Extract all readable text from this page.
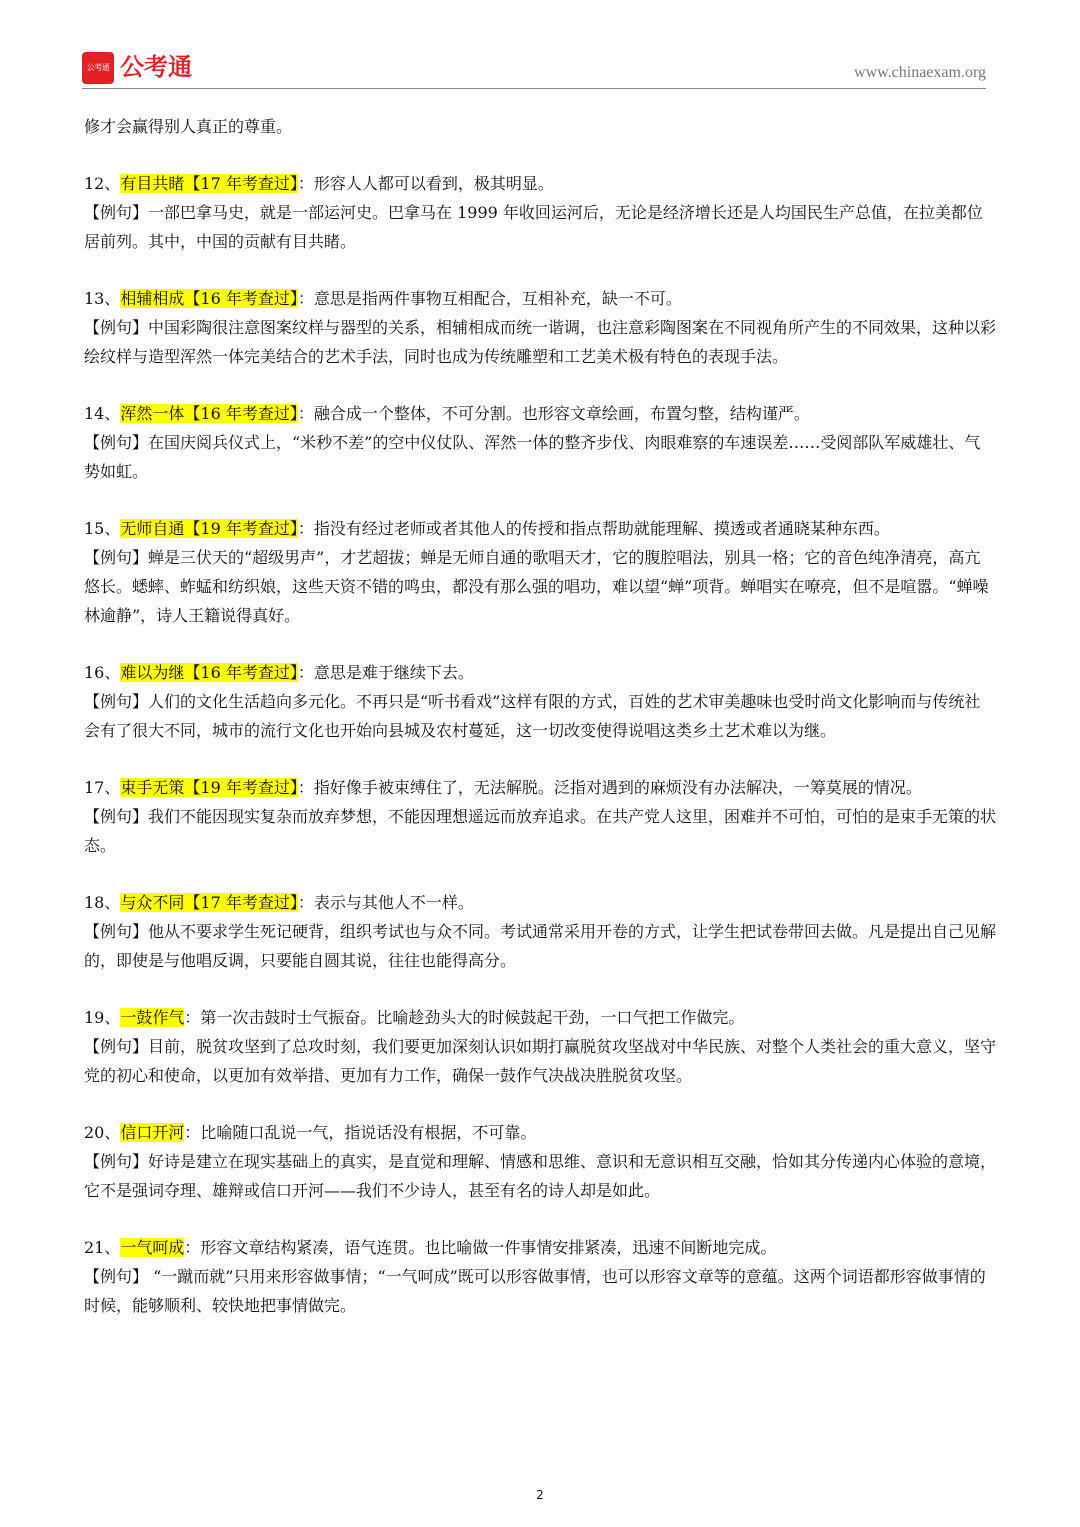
公考通 公考通	www.chinaexam.org

修才会赢得别人真正的尊重。

12、有目共睹【17 年考查过】：形容人人都可以看到，极其明显。

【例句】一部巴拿马史，就是一部运河史。巴拿马在 1999 年收回运河后，无论是经济增长还是人均国民生产总值，在拉美都位居前列。其中，中国的贡献有目共睹。

13、相辅相成【16 年考查过】：意思是指两件事物互相配合，互相补充，缺一不可。

【例句】中国彩陶很注意图案纹样与器型的关系，相辅相成而统一谐调，也注意彩陶图案在不同视角所产生的不同效果，这种以彩绘纹样与造型浑然一体完美结合的艺术手法，同时也成为传统雕塑和工艺美术极有特色的表现手法。

14、浑然一体【16 年考查过】：融合成一个整体，不可分割。也形容文章绘画，布置匀整，结构谨严。

【例句】在国庆阅兵仪式上，“米秒不差”的空中仪仗队、浑然一体的整齐步伐、肉眼难察的车速误差……受阅部队军威雄壮、气势如虹。

15、无师自通【19 年考查过】：指没有经过老师或者其他人的传授和指点帮助就能理解、摸透或者通晓某种东西。

【例句】蝉是三伏天的“超级男声”，才艺超拔；蝉是无师自通的歌唱天才，它的腹腔唱法，别具一格；它的音色纯净清亮，高亢悠长。蟋蟀、蚱蜢和纺织娘，这些天资不错的鸣虫，都没有那么强的唱功，难以望“蝉”项背。蝉唱实在嘹亮，但不是喧嚣。“蝉噪林逾静”，诗人王籍说得真好。

16、难以为继【16 年考查过】：意思是难于继续下去。

【例句】人们的文化生活趋向多元化。不再只是“听书看戏”这样有限的方式，百姓的艺术审美趣味也受时尚文化影响而与传统社会有了很大不同，城市的流行文化也开始向县城及农村蔓延，这一切改变使得说唱这类乡土艺术难以为继。

17、束手无策【19 年考查过】：指好像手被束缚住了，无法解脱。泛指对遇到的麻烦没有办法解决，一筹莫展的情况。

【例句】我们不能因现实复杂而放弃梦想，不能因理想遥远而放弃追求。在共产党人这里，困难并不可怕，可怕的是束手无策的状态。

18、与众不同【17 年考查过】：表示与其他人不一样。

【例句】他从不要求学生死记硬背，组织考试也与众不同。考试通常采用开卷的方式，让学生把试卷带回去做。凡是提出自己见解的，即使是与他唱反调，只要能自圆其说，往往也能得高分。

19、一鼓作气：第一次击鼓时士气振奋。比喻趁劲头大的时候鼓起干劲，一口气把工作做完。

【例句】目前，脱贫攻坚到了总攻时刻，我们要更加深刻认识如期打赢脱贫攻坚战对中华民族、对整个人类社会的重大意义，坚守党的初心和使命，以更加有效举措、更加有力工作，确保一鼓作气决战决胜脱贫攻坚。

20、信口开河：比喻随口乱说一气，指说话没有根据，不可靠。

【例句】好诗是建立在现实基础上的真实，是直觉和理解、情感和思维、意识和无意识相互交融，恰如其分传递内心体验的意境，它不是强词夺理、雄辩或信口开河——我们不少诗人，甚至有名的诗人却是如此。

21、一气呵成：形容文章结构紧凑，语气连贯。也比喻做一件事情安排紧凑，迅速不间断地完成。

【例句】 “一蹴而就”只用来形容做事情；“一气呵成”既可以形容做事情，也可以形容文章等的意蕴。这两个词语都形容做事情的时候，能够顺利、较快地把事情做完。

2
